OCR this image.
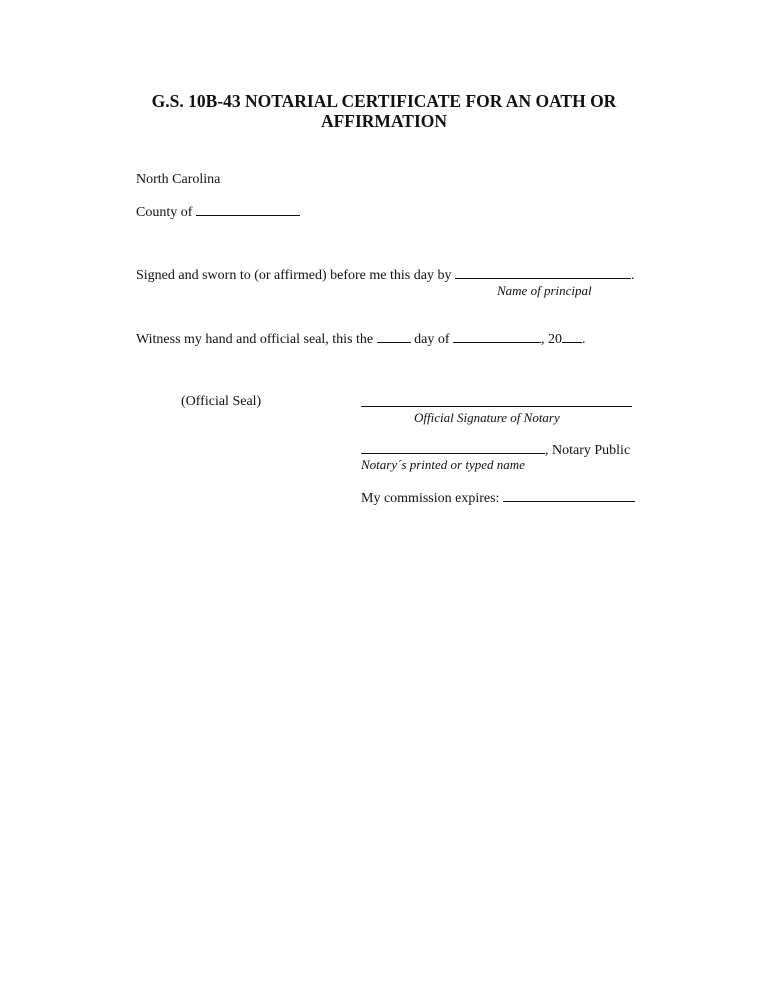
G.S. 10B-43 NOTARIAL CERTIFICATE FOR AN OATH OR
AFFIRMATION
North Carolina
County of
Signed and sworn to (or affirmed) before me this day by	.
Name of principal
Witness my hand and official seal, this the	day of	, 20 .
(Official Seal)
Official Signature of Notary
, Notary Public
Notary´s printed or typed name
My commission expires:
